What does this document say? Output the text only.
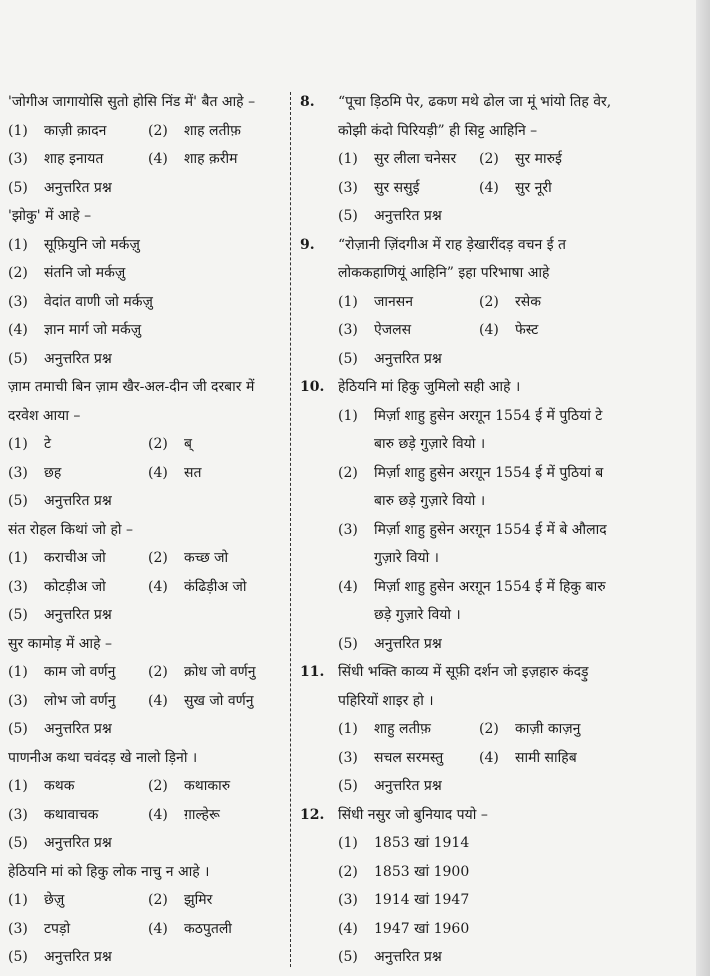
'जोगीअ जागायोसि सुतो होसि निंड में' बैत आहे –
(1)	काज़ी क़ादन	(2)	शाह लतीफ़
(3)	शाह इनायत	(4)	शाह क़रीम
(5)	अनुत्तरित प्रश्न
'झोकु' में आहे –
(1)	सूफ़ियुनि जो मर्कज़ु
(2)	संतनि जो मर्कज़ु
(3)	वेदांत वाणी जो मर्कज़ु
(4)	ज्ञान मार्ग जो मर्कज़ु
(5)	अनुत्तरित प्रश्न
ज़ाम तमाची बिन ज़ाम खैर-अल-दीन जी दरबार में दरवेश आया –
(1)	टे	(2)	ब्
(3)	छह	(4)	सत
(5)	अनुत्तरित प्रश्न
संत रोहल किथां जो हो –
(1)	कराचीअ जो	(2)	कच्छ जो
(3)	कोटड़ीअ जो	(4)	कंढिड़ीअ जो
(5)	अनुत्तरित प्रश्न
सुर कामोड़ में आहे –
(1)	काम जो वर्णनु (2)	क्रोध जो वर्णनु
(3)	लोभ जो वर्णनु (4)	सुख जो वर्णनु
(5)	अनुत्तरित प्रश्न
पाणनीअ कथा चवंदड़ खे नालो ड़िनो ।
(1)	कथक	(2)	कथाकारु
(3)	कथावाचक	(4)	ग़ाल्हेरू
(5)	अनुत्तरित प्रश्न
हेठियनि मां को हिकु लोक नाचु न आहे ।
(1)	छेज़ु	(2)	झुमिर
(3)	टपड़ो	(4)	कठपुतली
(5)	अनुत्तरित प्रश्न
8.	“पूचा ड़िठमि पेर, ढकण मथे ढोल जा मूं भांयो तिह वेर, कोझी कंदो पिरियड़ी” ही सिट्ट आहिनि –
(1)	सुर लीला चनेसर (2)	सुर मारुई
(3)	सुर ससुई	(4)	सुर नूरी
(5)	अनुत्तरित प्रश्न
9.	“रोज़ानी ज़िंदगीअ में राह ड़ेखारींदड़ वचन ई त लोककहाणियूं आहिनि” इहा परिभाषा आहे
(1)	जानसन	(2)	रसेक
(3)	ऐजलस	(4)	फेस्ट
(5)	अनुत्तरित प्रश्न
10. हेठियनि मां हिकु जुमिलो सही आहे ।
(1)	मिर्ज़ा शाहु हुसेन अरग़ून 1554 ई में पुठियां टे बारु छड़े गुज़ारे वियो ।
(2)	मिर्ज़ा शाहु हुसेन अरग़ून 1554 ई में पुठियां ब बारु छड़े गुज़ारे वियो ।
(3)	मिर्ज़ा शाहु हुसेन अरग़ून 1554 ई में बे औलाद गुज़ारे वियो ।
(4)	मिर्ज़ा शाहु हुसेन अरग़ून 1554 ई में हिकु बारु छड़े गुज़ारे वियो ।
(5)	अनुत्तरित प्रश्न
11. सिंधी भक्ति काव्य में सूफ़ी दर्शन जो इज़हारु कंदड़ु पहिरियों शाइर हो ।
(1)	शाहु लतीफ़	(2)	काज़ी काज़नु
(3)	सचल सरमस्तु	(4)	सामी साहिब
(5)	अनुत्तरित प्रश्न
12. सिंधी नसुर जो बुनियाद पयो –
(1)	1853 खां 1914
(2)	1853 खां 1900
(3)	1914 खां 1947
(4)	1947 खां 1960
(5)	अनुत्तरित प्रश्न
